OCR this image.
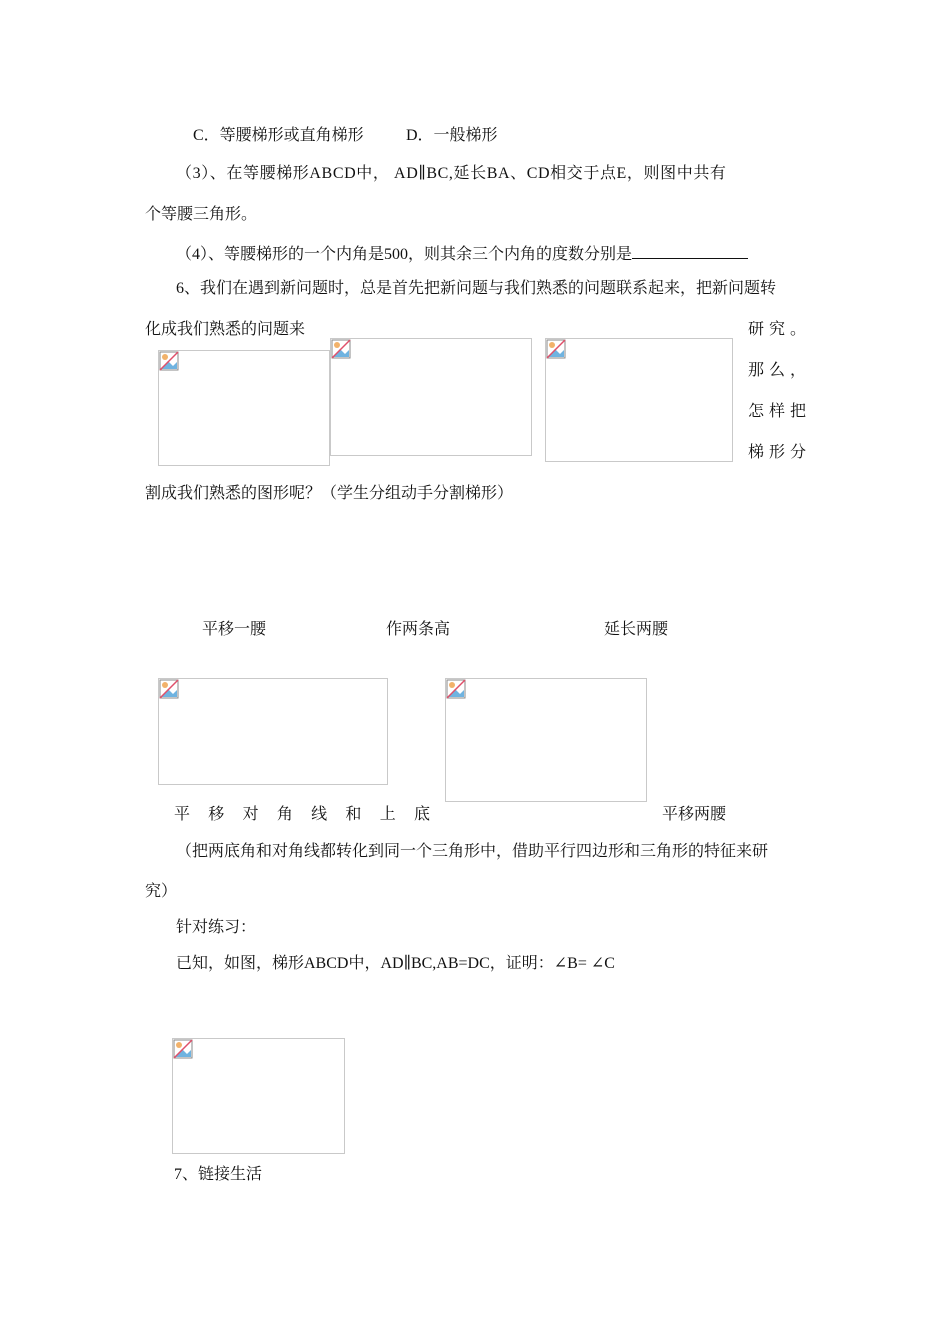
C．等腰梯形或直角梯形	D．一般梯形
（3）、在等腰梯形ABCD中， AD∥BC,延长BA、CD相交于点E，则图中共有
个等腰三角形。
（4）、等腰梯形的一个内角是500，则其余三个内角的度数分别是
6、我们在遇到新问题时，总是首先把新问题与我们熟悉的问题联系起来，把新问题转
化成我们熟悉的问题来	研 究 。
那 么 ，
怎 样 把
梯 形 分
割成我们熟悉的图形呢？（学生分组动手分割梯形）
平移一腰	作两条高	延长两腰
平 移 对 角 线 和 上 底	平移两腰
（把两底角和对角线都转化到同一个三角形中，借助平行四边形和三角形的特征来研
究）
针对练习：
已知，如图，梯形ABCD中，AD∥BC,AB=DC，证明：∠B= ∠C
7、链接生活
